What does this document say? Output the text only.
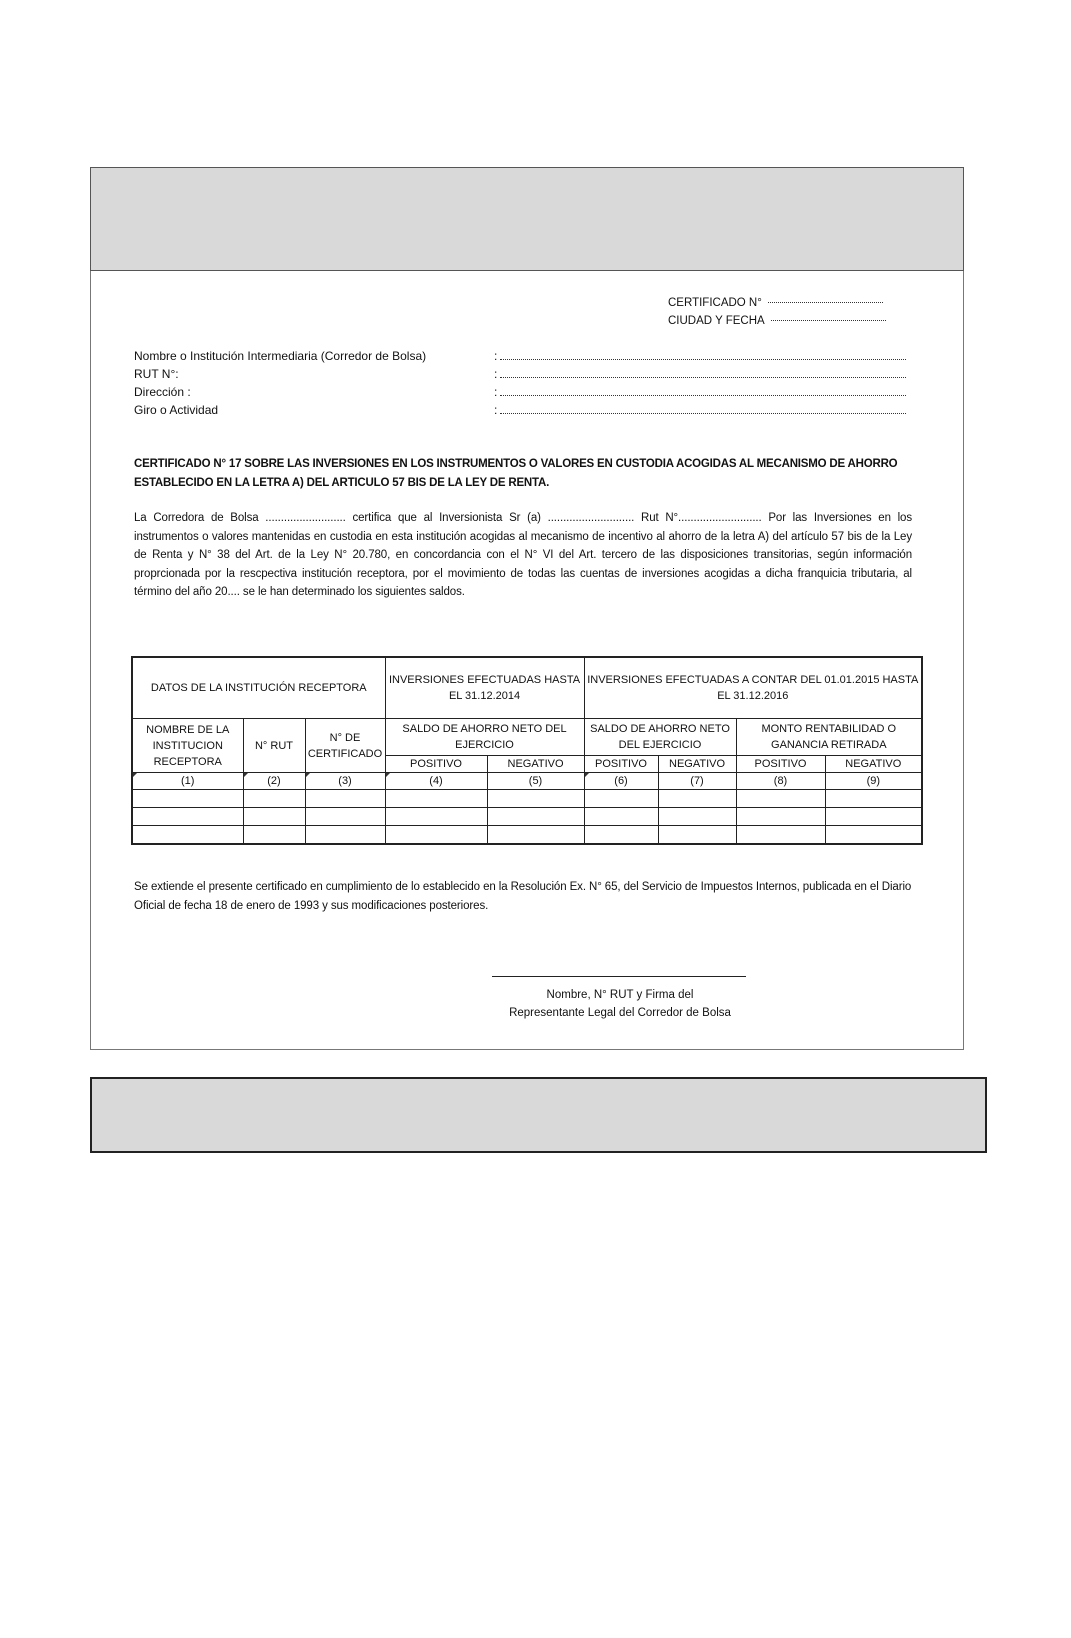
CERTIFICADO N°
CIUDAD Y FECHA
Nombre o Institución Intermediaria (Corredor de Bolsa)	:
RUT N°:	:
Dirección :	:
Giro o Actividad	:
CERTIFICADO N° 17 SOBRE LAS INVERSIONES EN LOS INSTRUMENTOS O VALORES EN CUSTODIA ACOGIDAS AL MECANISMO DE AHORRO ESTABLECIDO EN LA LETRA A) DEL ARTICULO 57 BIS DE LA LEY DE RENTA.
La Corredora de Bolsa .......................... certifica que al Inversionista Sr (a) ............................ Rut N°........................... Por las Inversiones en los instrumentos o valores mantenidas en custodia en esta institución acogidas al mecanismo de incentivo al ahorro de la letra A) del artículo 57 bis de la Ley de Renta y N° 38 del Art. de la Ley N° 20.780, en concordancia con el N° VI del Art. tercero de las disposiciones transitorias, según información proprcionada por la rescpectiva institución receptora, por el movimiento de todas las cuentas de inversiones acogidas a dicha franquicia tributaria, al término del año 20.... se le han determinado los siguientes saldos.
DATOS DE LA INSTITUCIÓN RECEPTORA			INVERSIONES EFECTUADAS HASTA EL 31.12.2014		INVERSIONES EFECTUADAS A CONTAR DEL 01.01.2015 HASTA EL 31.12.2016			
NOMBRE DE LA INSTITUCION RECEPTORA	N° RUT	N° DE CERTIFICADO	SALDO DE AHORRO NETO DEL EJERCICIO		SALDO DE AHORRO NETO DEL EJERCICIO		MONTO RENTABILIDAD O GANANCIA RETIRADA	
			POSITIVO	NEGATIVO	POSITIVO	NEGATIVO	POSITIVO	NEGATIVO
(1)	(2)	(3)	(4)	(5)	(6)	(7)	(8)	(9)

Se extiende el presente certificado en cumplimiento de lo establecido en la Resolución Ex. N° 65, del Servicio de Impuestos Internos, publicada en el Diario Oficial de fecha 18 de enero de 1993 y sus modificaciones posteriores.
Nombre, N° RUT y Firma del
Representante Legal del Corredor de Bolsa
